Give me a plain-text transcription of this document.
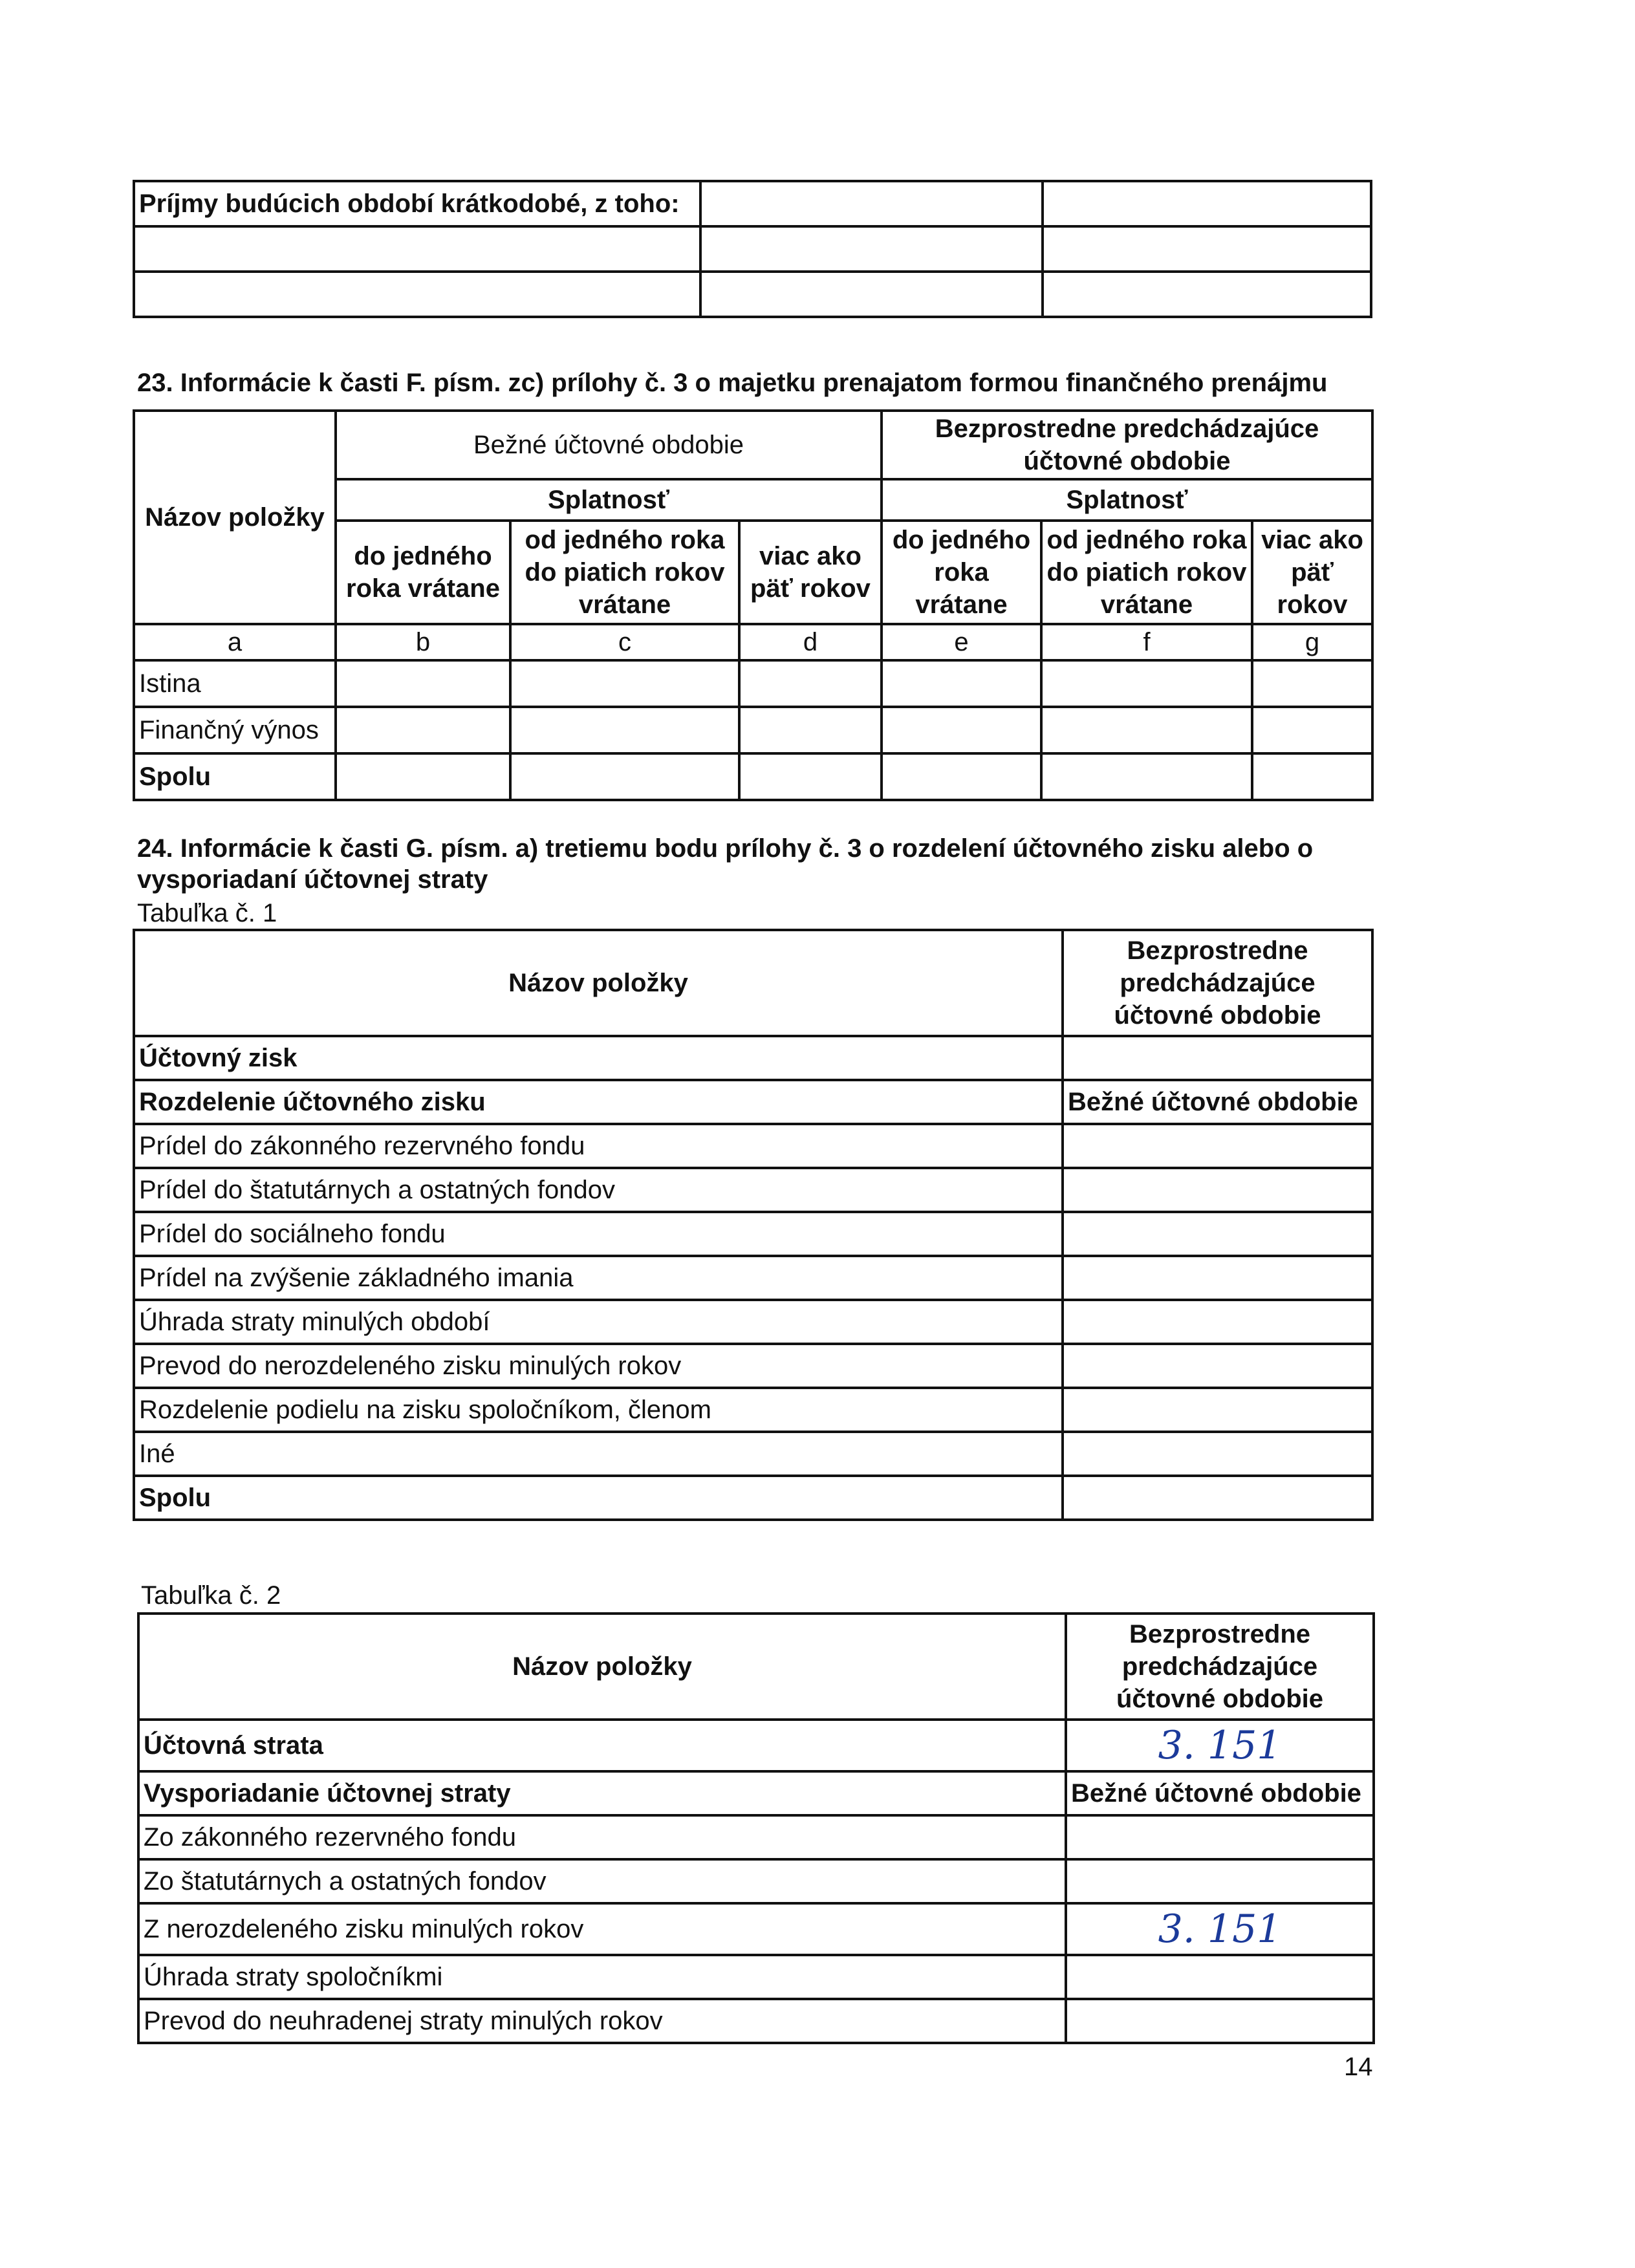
Príjmy budúcich období krátkodobé, z toho:		

23. Informácie k časti F. písm. zc) prílohy č. 3 o majetku prenajatom formou finančného prenájmu
Názov položky	Bežné účtovné obdobie			Bezprostredne predchádzajúce účtovné obdobie		
	Splatnosť			Splatnosť		
	do jedného roka vrátane	od jedného roka do piatich rokov vrátane	viac ako päť rokov	do jedného roka vrátane	od jedného roka do piatich rokov vrátane	viac ako päť rokov
a	b	c	d	e	f	g
Istina						
Finančný výnos						
Spolu						
24. Informácie k časti G. písm. a) tretiemu bodu prílohy č. 3 o rozdelení účtovného zisku alebo o vysporiadaní účtovnej straty
Tabuľka č. 1
Názov položky	Bezprostredne predchádzajúce účtovné obdobie
Účtovný zisk	
Rozdelenie účtovného zisku	Bežné účtovné obdobie
Prídel do zákonného rezervného fondu	
Prídel do štatutárnych a ostatných fondov	
Prídel do sociálneho fondu	
Prídel na zvýšenie základného imania	
Úhrada straty minulých období	
Prevod do nerozdeleného zisku minulých rokov	
Rozdelenie podielu na zisku spoločníkom, členom	
Iné	
Spolu	
Tabuľka č. 2
Názov položky	Bezprostredne predchádzajúce účtovné obdobie
Účtovná strata	3. 151
Vysporiadanie účtovnej straty	Bežné účtovné obdobie
Zo zákonného rezervného fondu	
Zo štatutárnych a ostatných fondov	
Z nerozdeleného zisku minulých rokov	3. 151
Úhrada straty spoločníkmi	
Prevod do neuhradenej straty minulých rokov	
14
